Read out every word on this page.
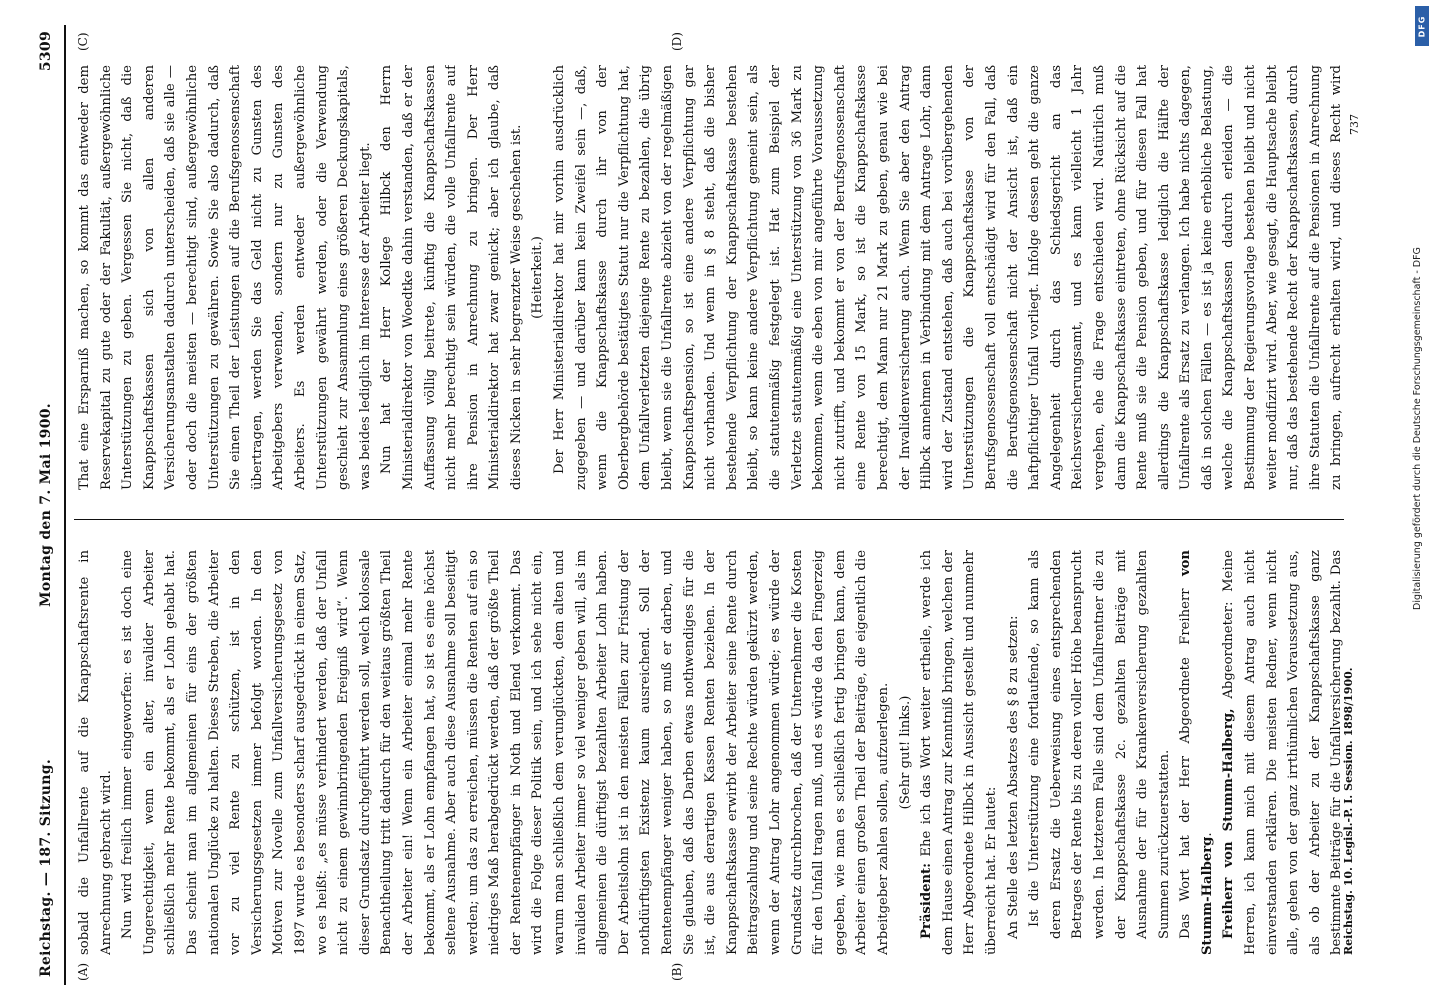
Reichstag. — 187. Sitzung.
Montag den 7. Mai 1900.
5309
(A)	(B)
(C)	(D)

sobald die Unfallrente auf die Knappschaftsrente in Anrechnung gebracht wird. Nun wird freilich immer eingeworfen: es ist doch eine Ungerechtigkeit, wenn ein alter, invalider Arbeiter schließlich mehr Rente bekommt, als er Lohn gehabt hat. Das scheint man im allgemeinen für eins der größten nationalen Unglücke zu halten. Dieses Streben, die Arbeiter vor zu viel Rente zu schützen, ist in den Versicherungsgesetzen immer befolgt worden. In den Motiven zur Novelle zum Unfallversicherungsgesetz von 1897 wurde es besonders scharf ausgedrückt in einem Satz, wo es heißt: „es müsse verhindert werden, daß der Unfall nicht zu einem gewinnbringenden Ereigniß wird“. Wenn dieser Grundsatz durchgeführt werden soll, welch kolossale Benachtheilung tritt dadurch für den weitaus größten Theil der Arbeiter ein! Wenn ein Arbeiter einmal mehr Rente bekommt, als er Lohn empfangen hat, so ist es eine höchst seltene Ausnahme. Aber auch diese Ausnahme soll beseitigt werden; um das zu erreichen, müssen die Renten auf ein so niedriges Maß herabgedrückt werden, daß der größte Theil der Rentenempfänger in Noth und Elend verkommt. Das wird die Folge dieser Politik sein, und ich sehe nicht ein, warum man schließlich dem verunglückten, dem alten und invaliden Arbeiter immer so viel weniger geben will, als im allgemeinen die dürftigst bezahlten Arbeiter Lohn haben. Der Arbeitslohn ist in den meisten Fällen zur Fristung der nothdürftigsten Existenz kaum ausreichend. Soll der Rentenempfänger weniger haben, so muß er darben, und Sie glauben, daß das Darben etwas nothwendiges für die ist, die aus derartigen Kassen Renten beziehen. In der Knappschaftskasse erwirbt der Arbeiter seine Rente durch Beitragszahlung und seine Rechte würden gekürzt werden, wenn der Antrag Lohr angenommen würde; es würde der Grundsatz durchbrochen, daß der Unternehmer die Kosten für den Unfall tragen muß, und es würde da den Fingerzeig gegeben, wie man es schließlich fertig bringen kann, dem Arbeiter einen großen Theil der Beiträge, die eigentlich die Arbeitgeber zahlen sollen, aufzuerlegen. (Sehr gut! links.)

Präsident: Ehe ich das Wort weiter ertheile, werde ich dem Hause einen Antrag zur Kenntniß bringen, welchen der Herr Abgeordnete Hilbck in Aussicht gestellt und nunmehr überreicht hat. Er lautet: An Stelle des letzten Absatzes des § 8 zu setzen: Ist die Unterstützung eine fortlaufende, so kann als deren Ersatz die Ueberweisung eines entsprechenden Betrages der Rente bis zu deren voller Höhe beansprucht werden. In letzterem Falle sind dem Unfallrentner die zu der Knappschaftskasse 2c. gezahlten Beiträge mit Ausnahme der für die Krankenversicherung gezahlten Summen zurückzuerstatten. Das Wort hat der Herr Abgeordnete Freiherr von Stumm-Halberg. Freiherr von Stumm-Halberg, Abgeordneter: Meine Herren, ich kann mich mit diesem Antrag auch nicht einverstanden erklären. Die meisten Redner, wenn nicht alle, gehen von der ganz irrthümlichen Voraussetzung aus, als ob der Arbeiter zu der Knappschaftskasse ganz bestimmte Beiträge für die Unfallversicherung bezahlt. Das

That eine Ersparniß machen, so kommt das entweder dem Reservekapital zu gute oder der Fakultät, außergewöhnliche Unterstützungen zu geben. Vergessen Sie nicht, daß die Knappschaftskassen sich von allen anderen Versicherungsanstalten dadurch unterscheiden, daß sie alle — oder doch die meisten — berechtigt sind, außergewöhnliche Unterstützungen zu gewähren. Sowie Sie also dadurch, daß Sie einen Theil der Leistungen auf die Berufsgenossenschaft übertragen, werden Sie das Geld nicht zu Gunsten des Arbeitgebers verwenden, sondern nur zu Gunsten des Arbeiters. Es werden entweder außergewöhnliche Unterstützungen gewährt werden, oder die Verwendung geschieht zur Ansammlung eines größeren Deckungskapitals, was beides lediglich im Interesse der Arbeiter liegt. Nun hat der Herr Kollege Hilbck den Herrn Ministerialdirektor von Woedtke dahin verstanden, daß er der Auffassung völlig beitrete, künftig die Knappschaftskassen nicht mehr berechtigt sein würden, die volle Unfallrente auf ihre Pension in Anrechnung zu bringen. Der Herr Ministerialdirektor hat zwar genickt; aber ich glaube, daß dieses Nicken in sehr begrenzter Weise geschehen ist. (Heiterkeit.)

Der Herr Ministerialdirektor hat mir vorhin ausdrücklich zugegeben — und darüber kann kein Zweifel sein —, daß, wenn die Knappschaftskasse durch ihr von der Oberbergbehörde bestätigtes Statut nur die Verpflichtung hat, dem Unfallverletzten diejenige Rente zu bezahlen, die übrig bleibt, wenn sie die Unfallrente abzieht von der regelmäßigen Knappschaftspension, so ist eine andere Verpflichtung gar nicht vorhanden. Und wenn in § 8 steht, daß die bisher bestehende Verpflichtung der Knappschaftskasse bestehen bleibt, so kann keine andere Verpflichtung gemeint sein, als die statutenmäßig festgelegt ist. Hat zum Beispiel der Verletzte statutenmäßig eine Unterstützung von 36 Mark zu bekommen, wenn die eben von mir angeführte Voraussetzung nicht zutrifft, und bekommt er von der Berufsgenossenschaft eine Rente von 15 Mark, so ist die Knappschaftskasse berechtigt, dem Mann nur 21 Mark zu geben, genau wie bei der Invalidenversicherung auch. Wenn Sie aber den Antrag Hilbck annehmen in Verbindung mit dem Antrage Lohr, dann wird der Zustand entstehen, daß auch bei vorübergehenden Unterstützungen die Knappschaftskasse von der Berufsgenossenschaft voll entschädigt wird für den Fall, daß die Berufsgenossenschaft nicht der Ansicht ist, daß ein haftpflichtiger Unfall vorliegt. Infolge dessen geht die ganze Angelegenheit durch das Schiedsgericht an das Reichsversicherungsamt, und es kann vielleicht 1 Jahr vergehen, ehe die Frage entschieden wird. Natürlich muß dann die Knappschaftskasse eintreten, ohne Rücksicht auf die Rente muß sie die Pension geben, und für diesen Fall hat allerdings die Knappschaftskasse lediglich die Hälfte der Unfallrente als Ersatz zu verlangen. Ich habe nichts dagegen, daß in solchen Fällen — es ist ja keine erhebliche Belastung, welche die Knappschaftskassen dadurch erleiden — die Bestimmung der Regierungsvorlage bestehen bleibt und nicht weiter modifizirt wird. Aber, wie gesagt, die Hauptsache bleibt nur, daß das bestehende Recht der Knappschaftskassen, durch ihre Statuten die Unfallrente auf die Pensionen in Anrechnung zu bringen, aufrecht erhalten wird, und dieses Recht wird

Reichstag. 10. Legisl.-P. I. Session. 1898/1900.
737
DFG
Digitalisierung gefördert durch die Deutsche Forschungsgemeinschaft - DFG
